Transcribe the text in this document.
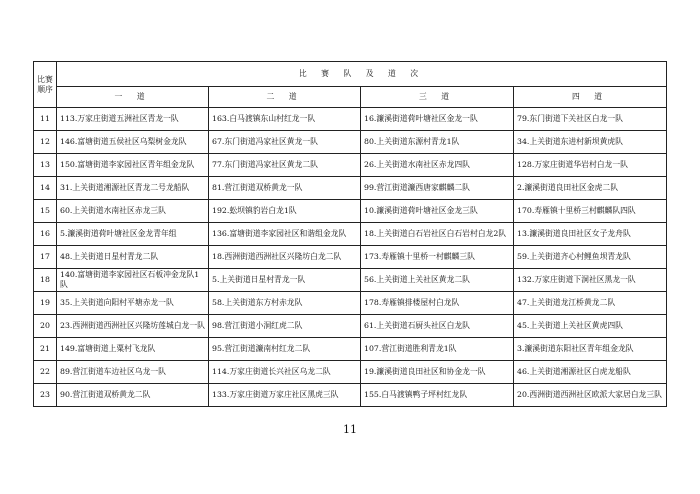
比赛顺序	比 赛 队 及 道 次			
	一 道	二 道	三 道	四 道
11	113.万家庄街道五洲社区青龙一队	163.白马渡镇东山村红龙一队	16.濂溪街道荷叶塘社区金龙一队	79.东门街道下关社区白龙一队
12	146.富塘街道五侯社区乌梨树金龙队	67.东门街道冯家社区黄龙一队	80.上关街道东源村青龙1队	34.上关街道东进村新坝黄虎队
13	150.富塘街道李家园社区青年组金龙队	77.东门街道冯家社区黄龙二队	26.上关街道水南社区赤龙四队	128.万家庄街道华岩村白龙一队
14	31.上关街道湘源社区青龙二号龙船队	81.营江街道双桥黄龙一队	99.营江街道濂西唐家麒麟二队	2.濂溪街道良田社区金虎二队
15	60.上关街道水南社区赤龙三队	192.蚣坝镇豹岩白龙1队	10.濂溪街道荷叶塘社区金龙三队	170.寿雁镇十里桥三村麒麟队四队
16	5.濂溪街道荷叶塘社区金龙青年组	136.富塘街道李家园社区和谐组金龙队	18.上关街道白石岩社区白石岩村白龙2队	13.濂溪街道良田社区女子龙舟队
17	48.上关街道日星村青龙二队	18.西洲街道西洲社区兴隆坊白龙二队	173.寿雁镇十里桥一村麒麟三队	59.上关街道齐心村鲤鱼坝青龙队
18	140.富塘街道李家园社区石板冲金龙队1队	5.上关街道日星村青龙一队	56.上关街道上关社区黄龙二队	132.万家庄街道下洞社区黑龙一队
19	35.上关街道向阳村平塘赤龙一队	58.上关街道东方村赤龙队	178.寿雁镇排楼屋村白龙队	47.上关街道龙江桥黄龙二队
20	23.西洲街道西洲社区兴隆坊莲城白龙一队	98.营江街道小洞红虎二队	61.上关街道石厨头社区白龙队	45.上关街道上关社区黄虎四队
21	149.富塘街道上粟村飞龙队	95.营江街道濂南村红龙二队	107.营江街道胜利青龙1队	3.濂溪街道东阳社区青年组金龙队
22	89.营江街道车边社区乌龙一队	114.万家庄街道长兴社区乌龙二队	19.濂溪街道良田社区和协金龙一队	46.上关街道湘源社区白虎龙船队
23	90.营江街道双桥黄龙二队	133.万家庄街道万家庄社区黑虎三队	155.白马渡镇鸭子坪村红龙队	20.西洲街道西洲社区欧派大家居白龙三队
11
